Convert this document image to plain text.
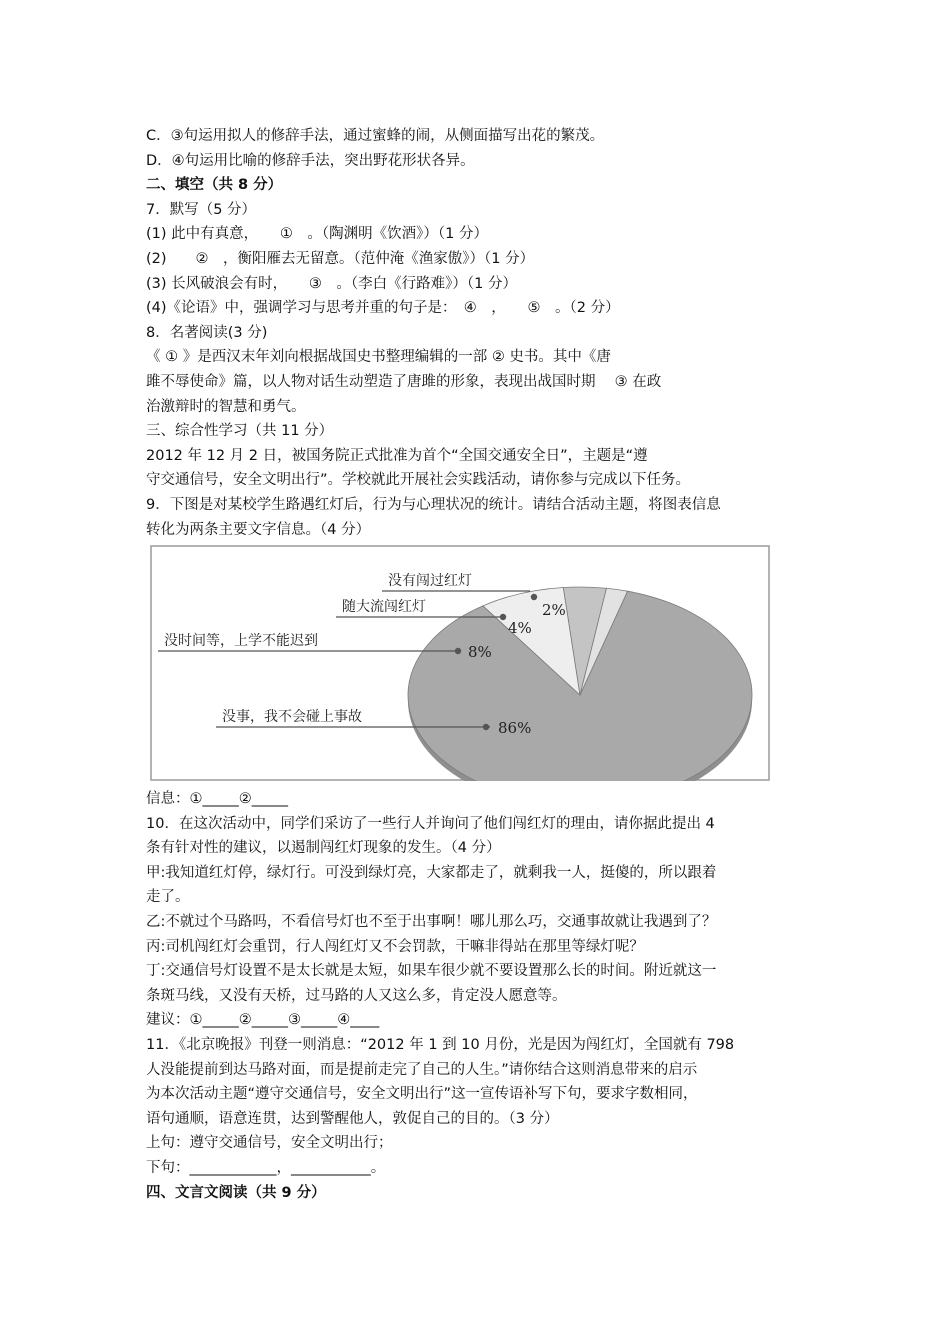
C．③句运用拟人的修辞手法，通过蜜蜂的闹，从侧面描写出花的繁茂。
D．④句运用比喻的修辞手法，突出野花形状各异。
二、填空（共 8 分）
7．默写（5 分）
(1) 此中有真意，　　①　。（陶渊明《饮酒》）（1 分）
(2)　　②　，衡阳雁去无留意。（范仲淹《渔家傲》）（1 分）
(3) 长风破浪会有时，　　③　。（李白《行路难》）（1 分）
(4)《论语》中，强调学习与思考并重的句子是：　④　，　　⑤　。（2 分）
8．名著阅读(3 分)
《 ① 》是西汉末年刘向根据战国史书整理编辑的一部 ② 史书。其中《唐
雎不辱使命》篇，以人物对话生动塑造了唐雎的形象，表现出战国时期　 ③ 在政
治激辩时的智慧和勇气。
三、综合性学习（共 11 分）
2012 年 12 月 2 日，被国务院正式批准为首个“全国交通安全日”，主题是“遵
守交通信号，安全文明出行”。学校就此开展社会实践活动，请你参与完成以下任务。
9．下图是对某校学生路遇红灯后，行为与心理状况的统计。请结合活动主题，将图表信息
转化为两条主要文字信息。（4 分）
没事，我不会碰上事故
86%
没时间等，上学不能迟到
8%
随大流闯红灯
4%
没有闯过红灯
2%
信息：①_____②_____
10．在这次活动中，同学们采访了一些行人并询问了他们闯红灯的理由，请你据此提出 4
条有针对性的建议，以遏制闯红灯现象的发生。（4 分）
甲:我知道红灯停，绿灯行。可没到绿灯亮，大家都走了，就剩我一人，挺傻的，所以跟着
走了。
乙:不就过个马路吗，不看信号灯也不至于出事啊！哪儿那么巧，交通事故就让我遇到了？
丙:司机闯红灯会重罚，行人闯红灯又不会罚款，干嘛非得站在那里等绿灯呢？
丁:交通信号灯设置不是太长就是太短，如果车很少就不要设置那么长的时间。附近就这一
条斑马线，又没有天桥，过马路的人又这么多，肯定没人愿意等。
建议：①_____②_____③_____④____
11．《北京晚报》刊登一则消息：“2012 年 1 到 10 月份，光是因为闯红灯，全国就有 798
人没能提前到达马路对面，而是提前走完了自己的人生。”请你结合这则消息带来的启示
为本次活动主题“遵守交通信号，安全文明出行”这一宣传语补写下句，要求字数相同，
语句通顺，语意连贯，达到警醒他人，敦促自己的目的。（3 分）
上句：遵守交通信号，安全文明出行；
下句：____________，___________。
四、文言文阅读（共 9 分）
